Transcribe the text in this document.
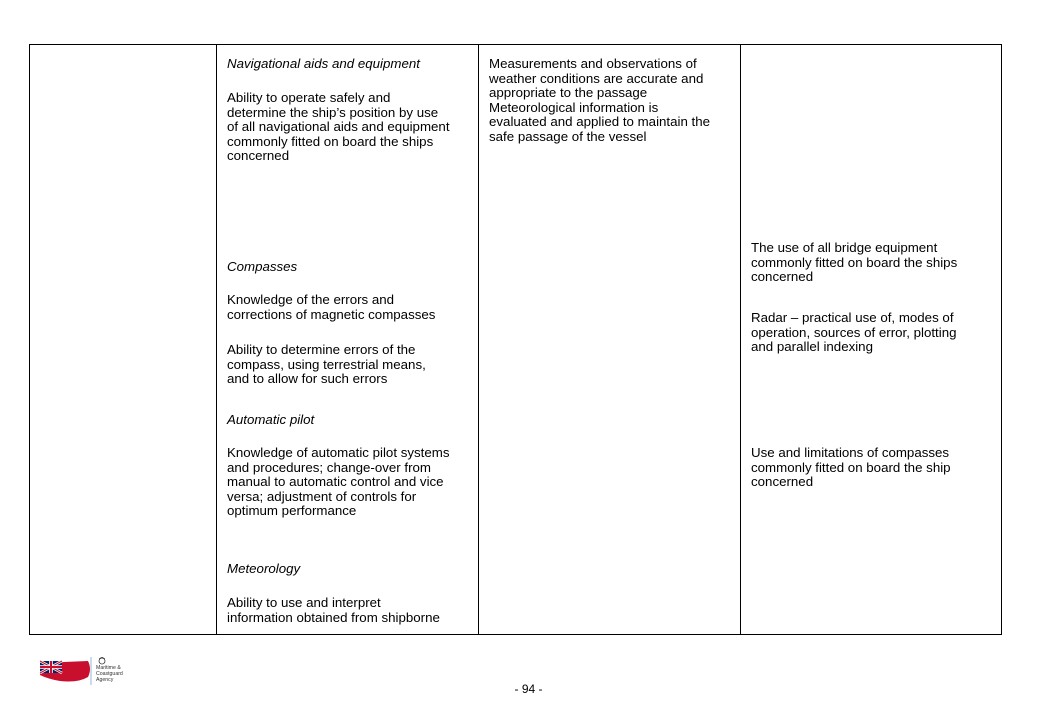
Navigational aids and equipment

Ability to operate safely and
determine the ship’s position by use
of all navigational aids and equipment
commonly fitted on board the ships
concerned

Compasses

Knowledge of the errors and
corrections of magnetic compasses

Ability to determine errors of the
compass, using terrestrial means,
and to allow for such errors

Automatic pilot

Knowledge of automatic pilot systems
and procedures; change-over from
manual to automatic control and vice
versa; adjustment of controls for
optimum performance

Meteorology

Ability to use and interpret
information obtained from shipborne

Measurements and observations of
weather conditions are accurate and
appropriate to the passage
Meteorological information is
evaluated and applied to maintain the
safe passage of the vessel

The use of all bridge equipment
commonly fitted on board the ships
concerned

Radar – practical use of, modes of
operation, sources of error, plotting
and parallel indexing

Use and limitations of compasses
commonly fitted on board the ship
concerned

Maritime &
Coastguard
Agency
- 94 -
